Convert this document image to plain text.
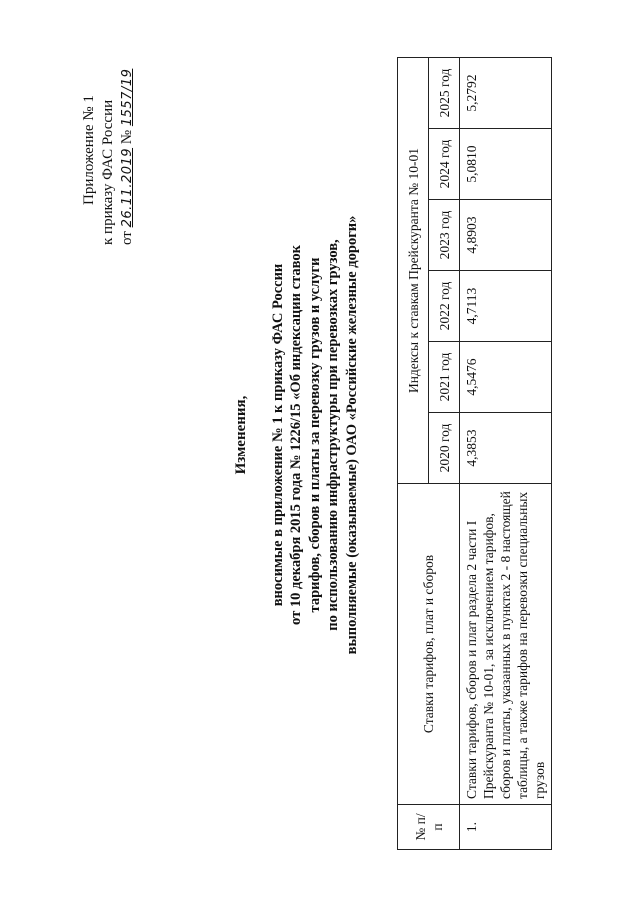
Приложение № 1 к приказу ФАС России от 26.11.2019 № 1557/19
Изменения, вносимые в приложение № 1 к приказу ФАС России от 10 декабря 2015 года № 1226/15 «Об индексации ставок тарифов, сборов и платы за перевозку грузов и услуги по использованию инфраструктуры при перевозках грузов, выполняемые (оказываемые) ОАО «Российские железные дороги»
№ п/п	Ставки тарифов, плат и сборов	Индексы к ставкам Прейскуранта № 10-01					
		2020 год	2021 год	2022 год	2023 год	2024 год	2025 год
1.	Ставки тарифов, сборов и плат раздела 2 части I Прейскуранта № 10-01, за исключением тарифов, сборов и платы, указанных в пунктах 2 - 8 настоящей таблицы, а также тарифов на перевозки специальных грузов	4,3853	4,5476	4,7113	4,8903	5,0810	5,2792
